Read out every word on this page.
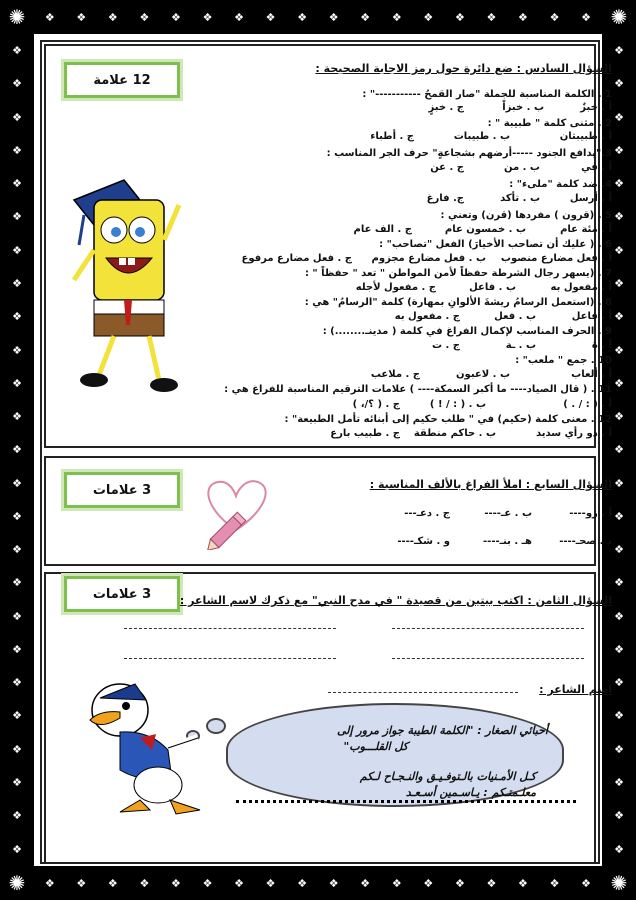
✺	✺
✺	✺
❖ ❖ ❖ ❖ ❖ ❖ ❖ ❖ ❖ ❖ ❖ ❖ ❖ ❖ ❖ ❖ ❖ ❖
❖ ❖ ❖ ❖ ❖ ❖ ❖ ❖ ❖ ❖ ❖ ❖ ❖ ❖ ❖ ❖ ❖ ❖
❖
❖
❖
❖
❖
❖
❖
❖
❖
❖
❖
❖
❖
❖
❖
❖
❖
❖
❖
❖
❖
❖
❖
❖
❖
❖
❖
❖
❖
❖
❖
❖
❖
❖
❖
❖
❖
❖
❖
❖
❖
❖
❖
❖
❖
❖
❖
❖
❖
❖
12 علامة
السؤال السادس : ضع دائرة حول رمز الاجابة الصحيحة :
1 . الكلمة المناسبة للجملة "صار القمحُ -----------" :
أ . خبزٌ
ب . خبزاً
ج . خبزٍ
2 . مثنى كلمة " طبيبة " :
أ . طبيبتان
ب . طبيبات
ج . أطباء
3."يدافع الجنود -----أرضهم بشجاعةٍ" حرف الجر المناسب :
أ . في
ب . من
ج . عن
4. ضد كلمة "ملىء" :
أ . أرسل
ب . تأكد
ج. فارغ
5 . (قرون ) مفردها (قرن) وتعني :
أ . مئة عام
ب . خمسون عام
ج . الف عام
6 . ( عليك أن تصاحب الأخيارَ) الفعل "تصاحب" :
أ . فعل مضارع منصوب
ب . فعل مضارع مجزوم
ج . فعل مضارع مرفوع
7 . (يسهر رجال الشرطة حفظاً لأمن المواطن " تعد " حفظاً " :
أ . مفعول به
ب . فاعل
ج . مفعول لأجله
8 . (استعمل الرسامُ ريشةَ الألوانِ بمهارة) كلمة "الرسامُ" هي :
أ . فاعل
ب . فعل
ج . مفعول به
9 . الحرف المناسب لإكمال الفراغ في كلمة ( مدينـ........) :
أ . ة
ب . ـة
ج . ت
10 . جمع " ملعب" :
أ . ألعاب
ب . لاعبون
ج . ملاعب
11 . ( قال الصياد---- ما أكبر السمكة---- ) علامات الترقيم المناسبة للفراغ هي :
أ . ( : / . )
ب . ( : / ! )
ج . ( ؟/، )
12 . معنى كلمة (حكيم) في " طلب حكيم إلى أبنائه تأمل الطبيعة" :
أ . ذو رأي سديد
ب . حاكم منطقة
ج . طبيب بارع
3 علامات	السؤال السابع : املأ الفراغ بالألف المناسبة :
أ . زو----
ب . عـ----
ج . دعـ---
د . صحـ----
هـ . بنـ----
و . شكـ----
3 علامات	السؤال الثامن : اكتب بيتين من قصيدة " في مدح النبي" مع ذكرك لاسم الشاعر :
اسم الشاعر :
أحبائي الصغار : "الكلمة الطيبة جواز مرور إلى
كل القلـــوب"
كـل الأمـنيات بالـتوفـيـق والنـجـاح لـكم
معلـمتـكم : يـاسـمين أسـعـد
